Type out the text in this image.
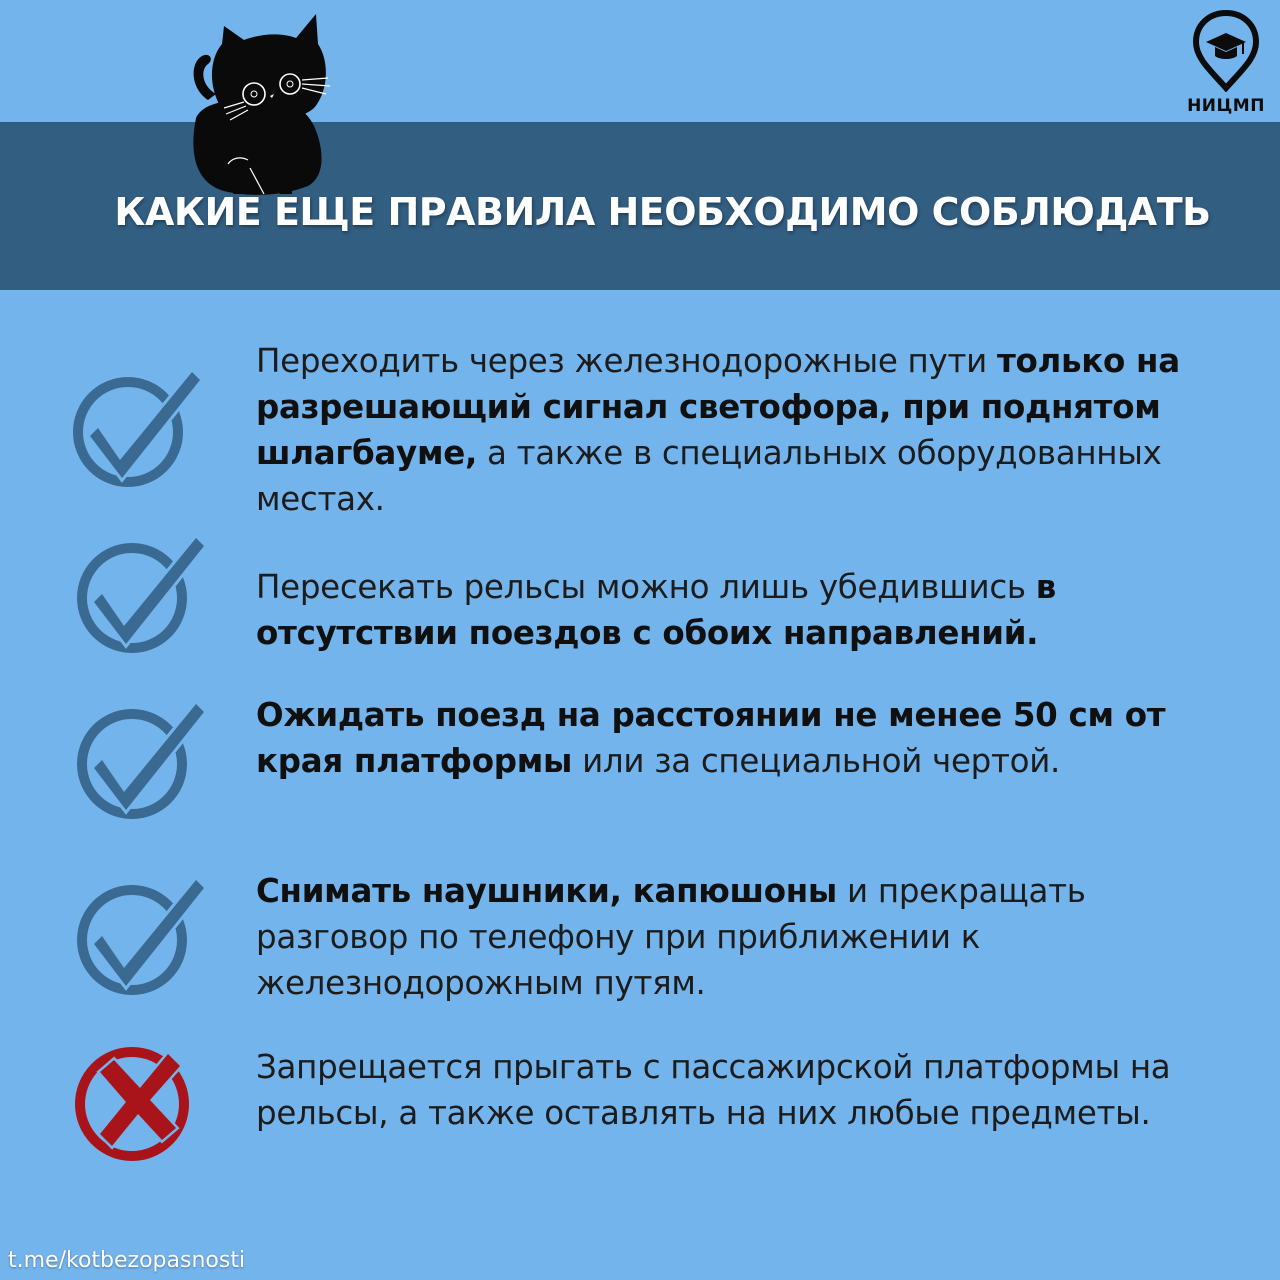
НИЦМП
КАКИЕ ЕЩЕ ПРАВИЛА НЕОБХОДИМО СОБЛЮДАТЬ
Переходить через железнодорожные пути только на разрешающий сигнал светофора, при поднятом шлагбауме, а также в специальных оборудованных местах.
Пересекать рельсы можно лишь убедившись в отсутствии поездов с обоих направлений.
Ожидать поезд на расстоянии не менее 50 см от края платформы или за специальной чертой.
Снимать наушники, капюшоны и прекращать разговор по телефону при приближении к железнодорожным путям.
Запрещается прыгать с пассажирской платформы на рельсы, а также оставлять на них любые предметы.
t.me/kotbezopasnosti
